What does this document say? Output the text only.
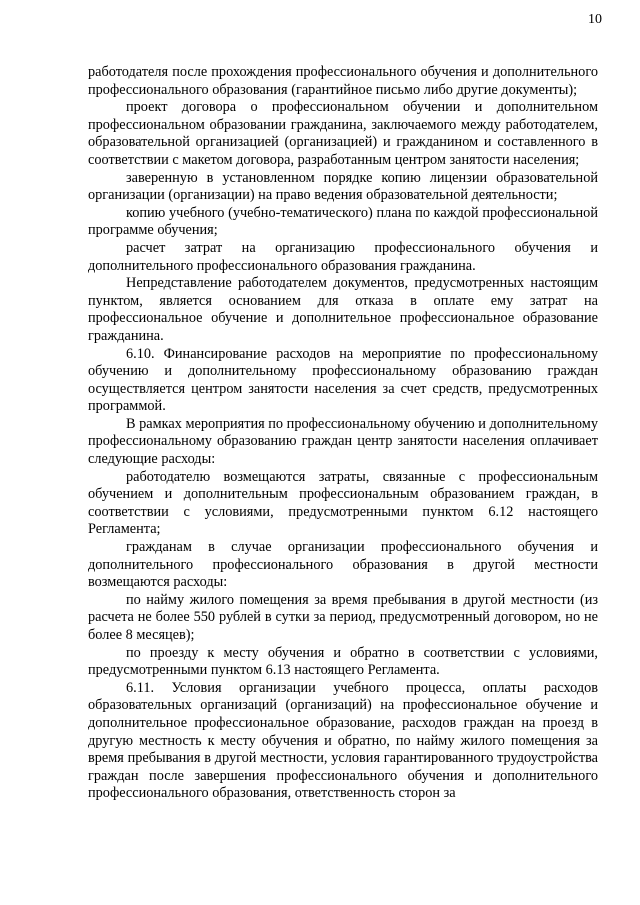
10

работодателя после прохождения профессионального обучения и дополнительного профессионального образования (гарантийное письмо либо другие документы);

проект договора о профессиональном обучении и дополнительном профессиональном образовании гражданина, заключаемого между работодателем, образовательной организацией (организацией) и гражданином и составленного в соответствии с макетом договора, разработанным центром занятости населения;

заверенную в установленном порядке копию лицензии образовательной организации (организации) на право ведения образовательной деятельности;

копию учебного (учебно-тематического) плана по каждой профессиональной программе обучения;

расчет затрат на организацию профессионального обучения и дополнительного профессионального образования гражданина.

Непредставление работодателем документов, предусмотренных настоящим пунктом, является основанием для отказа в оплате ему затрат на профессиональное обучение и дополнительное профессиональное образование гражданина.

6.10. Финансирование расходов на мероприятие по профессиональному обучению и дополнительному профессиональному образованию граждан осуществляется центром занятости населения за счет средств, предусмотренных программой.

В рамках мероприятия по профессиональному обучению и дополнительному профессиональному образованию граждан центр занятости населения оплачивает следующие расходы:

работодателю возмещаются затраты, связанные с профессиональным обучением и дополнительным профессиональным образованием граждан, в соответствии с условиями, предусмотренными пунктом 6.12 настоящего Регламента;

гражданам в случае организации профессионального обучения и дополнительного профессионального образования в другой местности возмещаются расходы:

по найму жилого помещения за время пребывания в другой местности (из расчета не более 550 рублей в сутки за период, предусмотренный договором, но не более 8 месяцев);

по проезду к месту обучения и обратно в соответствии с условиями, предусмотренными пунктом 6.13 настоящего Регламента.

6.11. Условия организации учебного процесса, оплаты расходов образовательных организаций (организаций) на профессиональное обучение и дополнительное профессиональное образование, расходов граждан на проезд в другую местность к месту обучения и обратно, по найму жилого помещения за время пребывания в другой местности, условия гарантированного трудоустройства граждан после завершения профессионального обучения и дополнительного профессионального образования, ответственность сторон за
